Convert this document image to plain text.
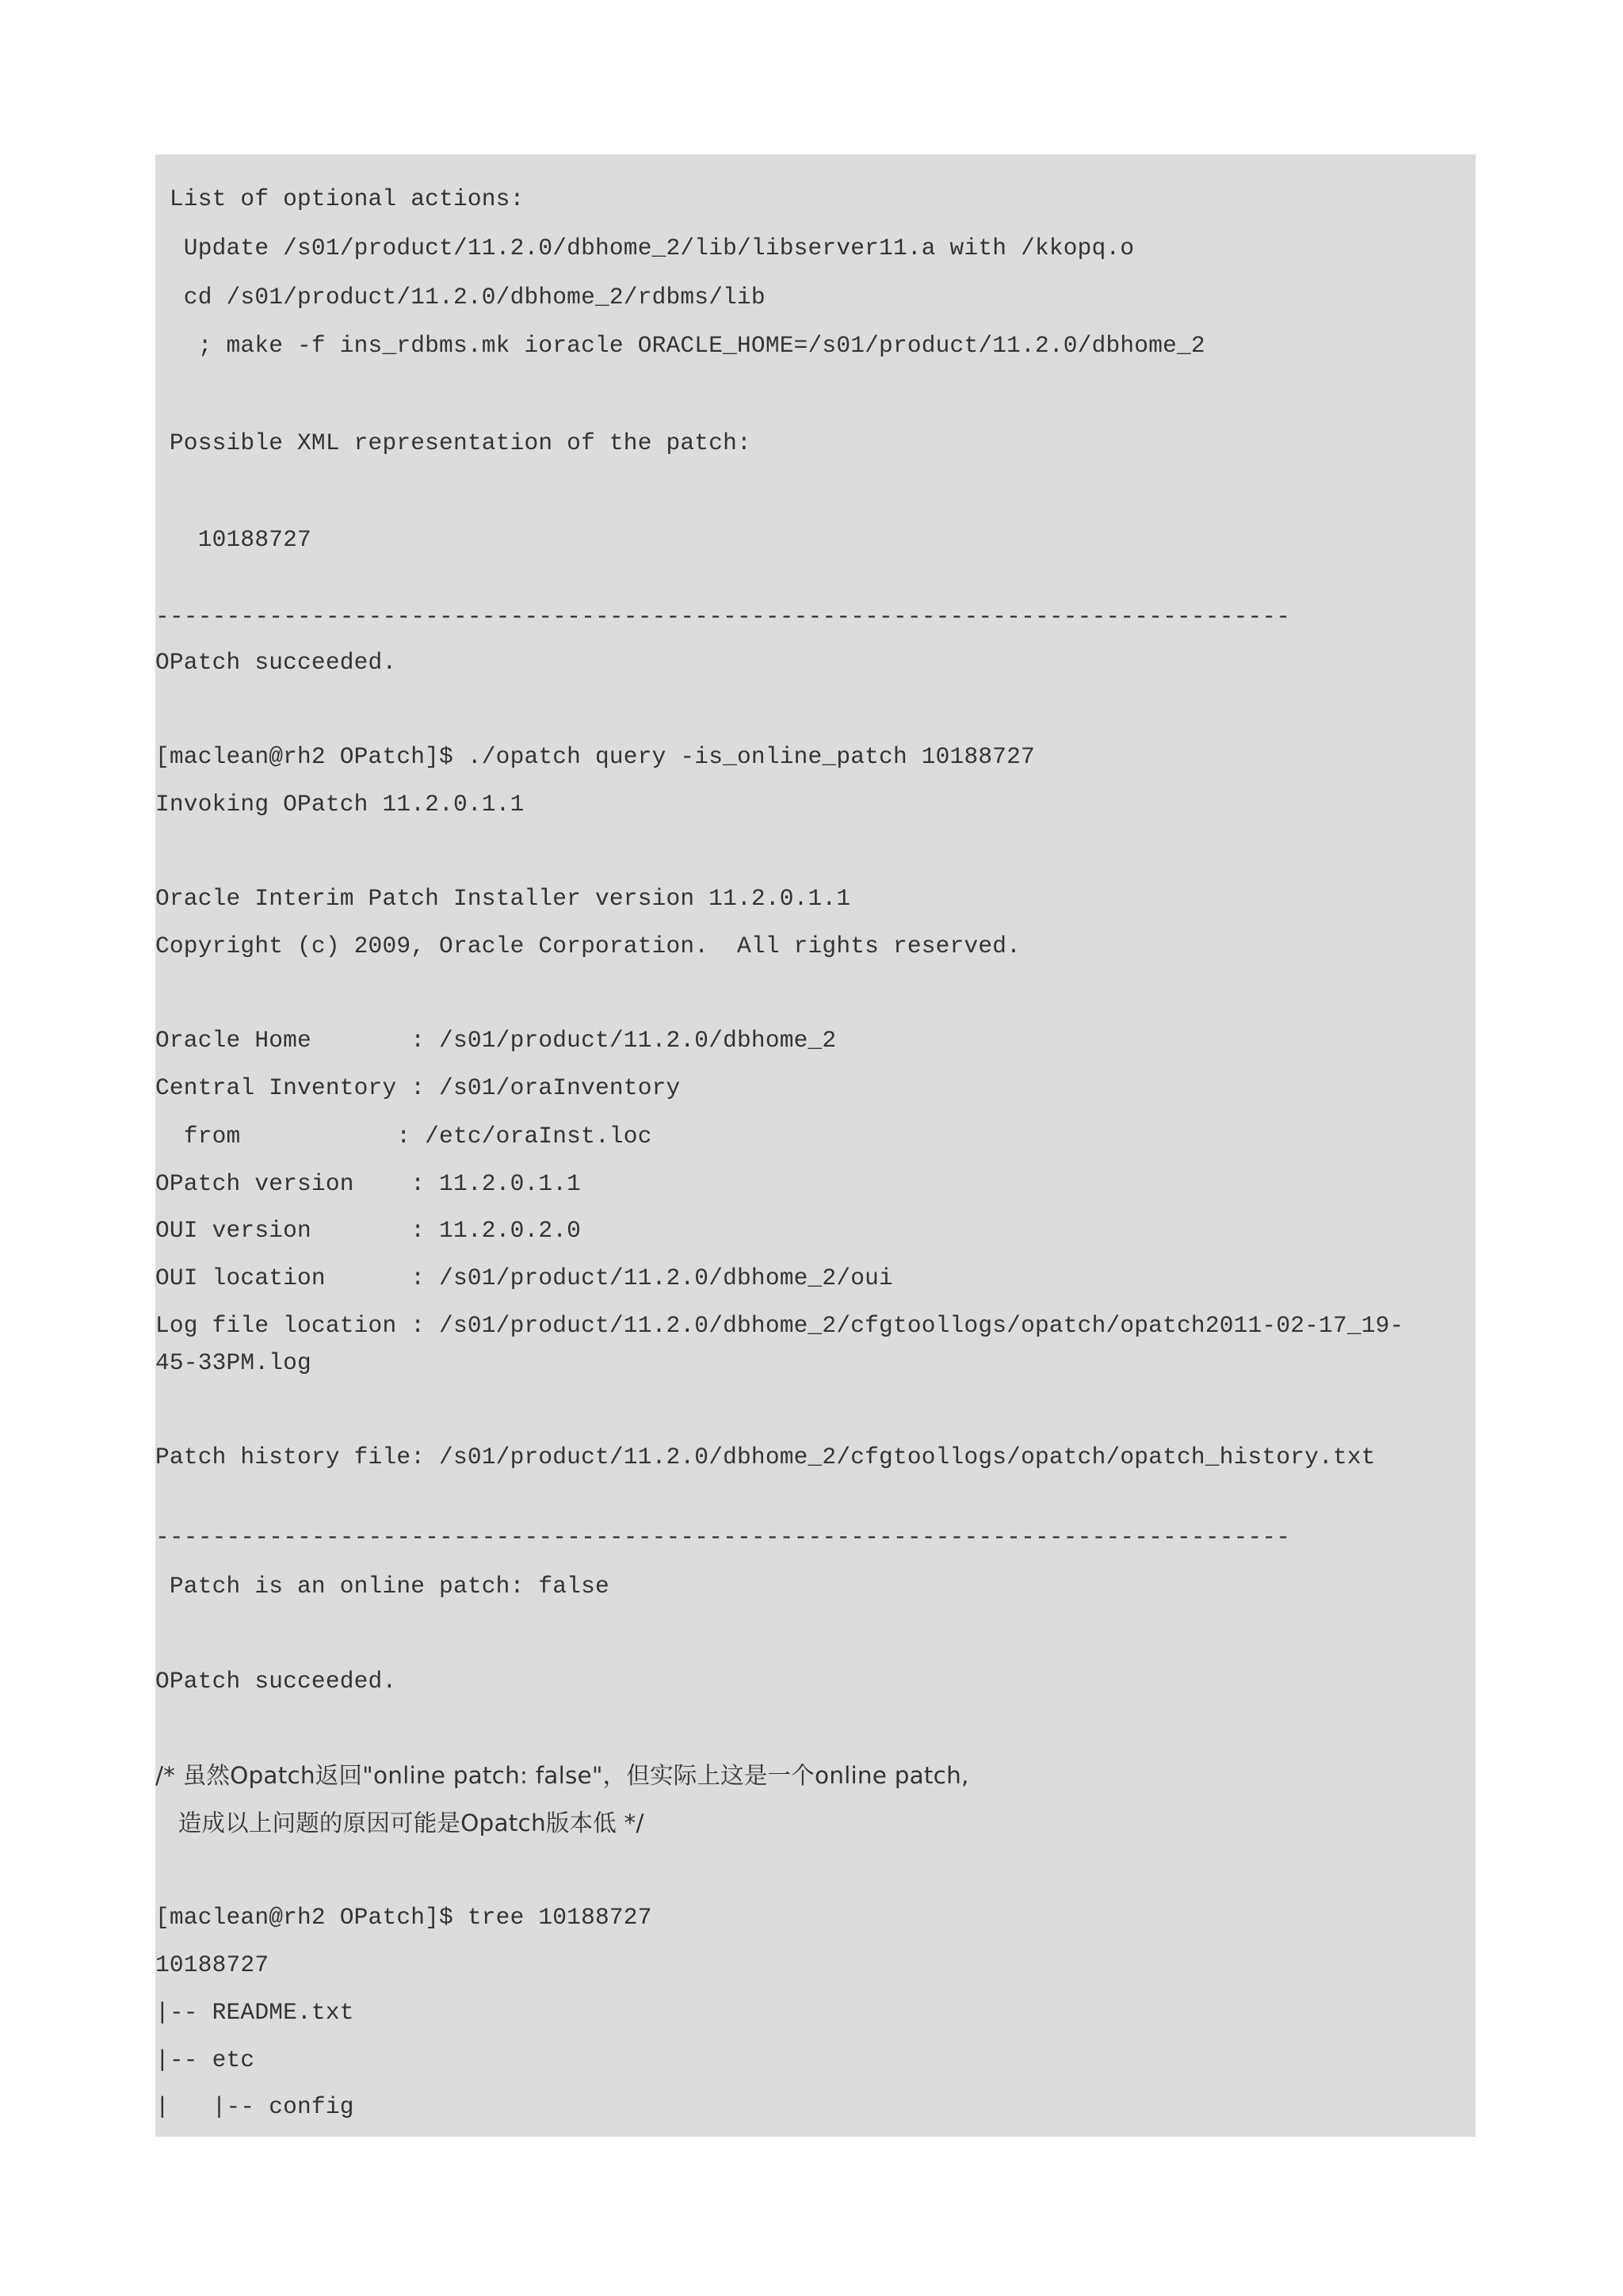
List of optional actions:
Update /s01/product/11.2.0/dbhome_2/lib/libserver11.a with /kkopq.o
cd /s01/product/11.2.0/dbhome_2/rdbms/lib
; make -f ins_rdbms.mk ioracle ORACLE_HOME=/s01/product/11.2.0/dbhome_2
Possible XML representation of the patch:
10188727
--------------------------------------------------------------------------------
OPatch succeeded.
[maclean@rh2 OPatch]$ ./opatch query -is_online_patch 10188727
Invoking OPatch 11.2.0.1.1
Oracle Interim Patch Installer version 11.2.0.1.1
Copyright (c) 2009, Oracle Corporation.  All rights reserved.
Oracle Home       : /s01/product/11.2.0/dbhome_2
Central Inventory : /s01/oraInventory
from           : /etc/oraInst.loc
OPatch version    : 11.2.0.1.1
OUI version       : 11.2.0.2.0
OUI location      : /s01/product/11.2.0/dbhome_2/oui
Log file location : /s01/product/11.2.0/dbhome_2/cfgtoollogs/opatch/opatch2011-02-17_19-
45-33PM.log
Patch history file: /s01/product/11.2.0/dbhome_2/cfgtoollogs/opatch/opatch_history.txt
--------------------------------------------------------------------------------
Patch is an online patch: false
OPatch succeeded.
/* 虽然Opatch返回"online patch: false"，但实际上这是一个online patch,
造成以上问题的原因可能是Opatch版本低 */
[maclean@rh2 OPatch]$ tree 10188727
10188727
|-- README.txt
|-- etc
|   |-- config
